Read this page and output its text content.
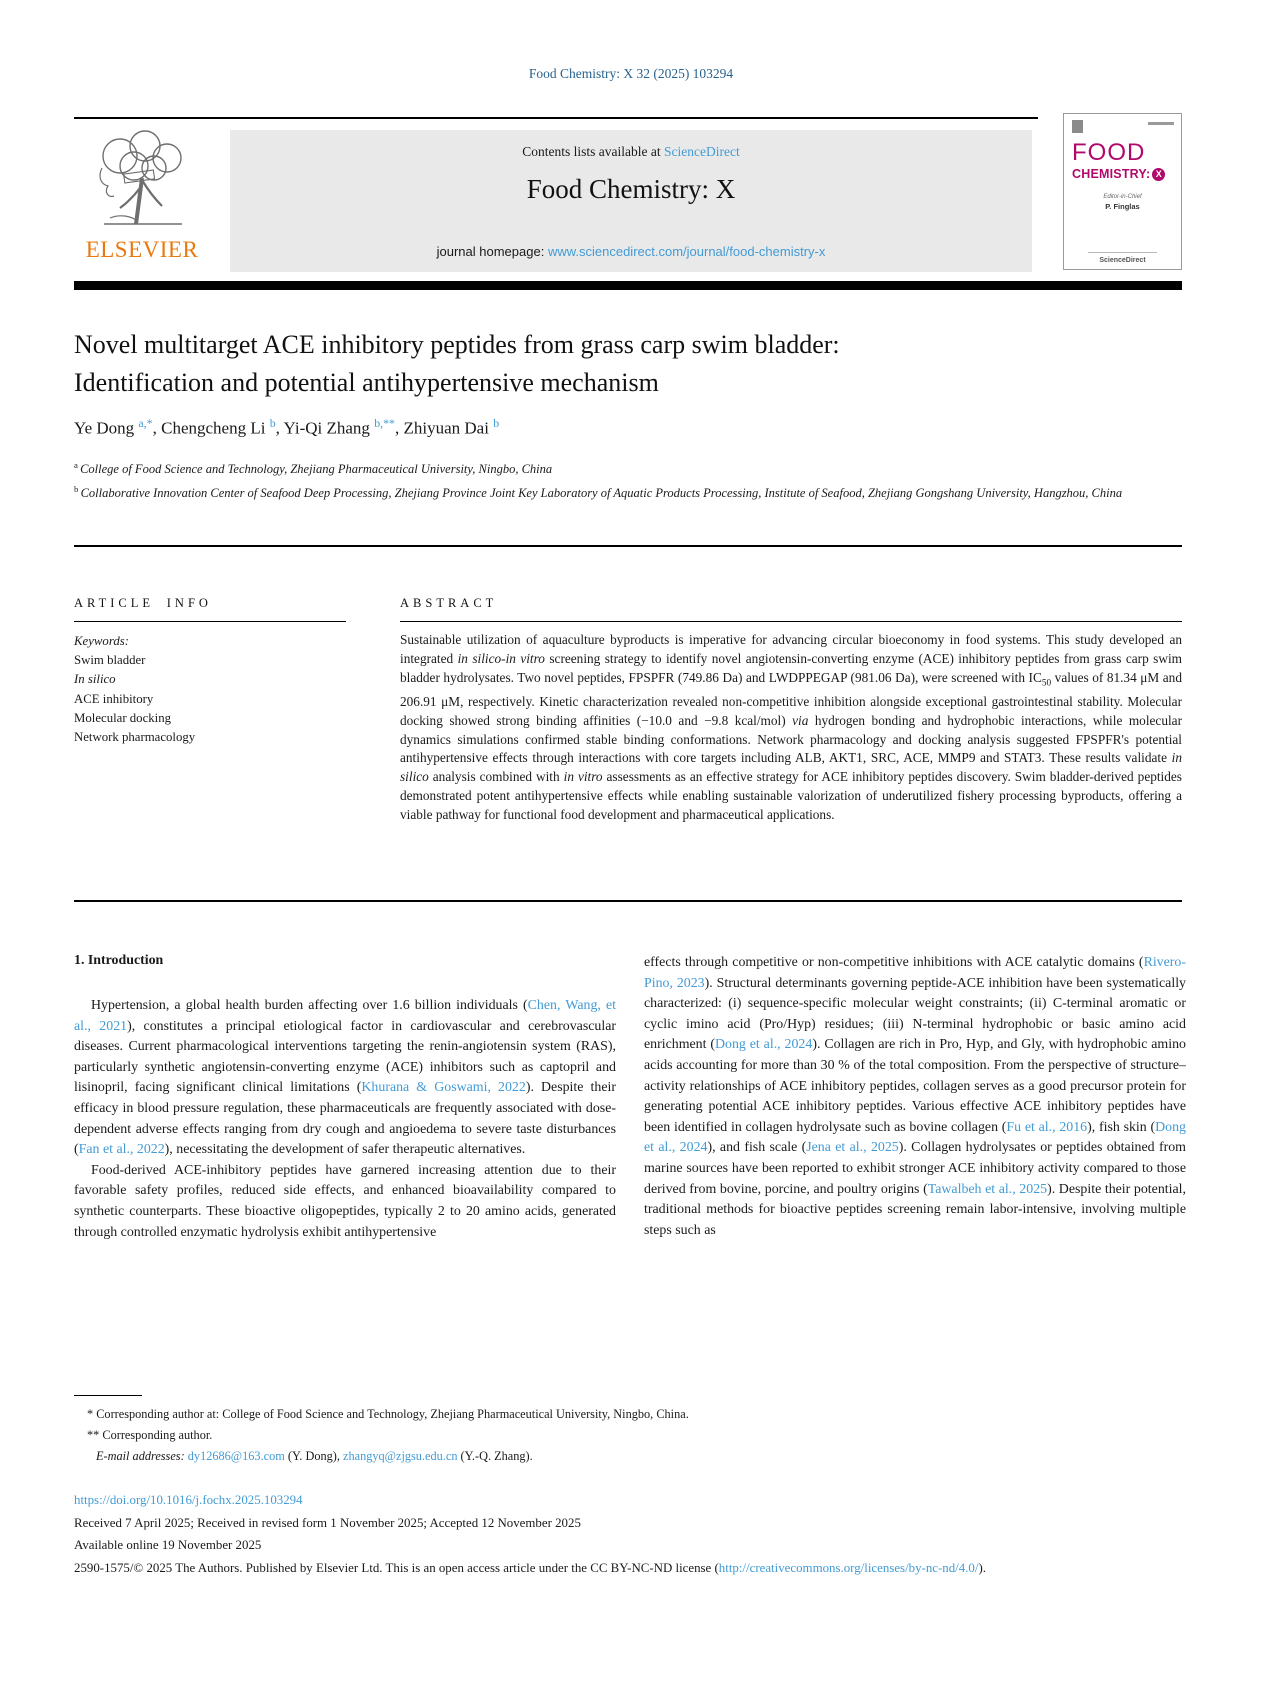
Food Chemistry: X 32 (2025) 103294
ELSEVIER
Contents lists available at ScienceDirect
Food Chemistry: X
journal homepage: www.sciencedirect.com/journal/food-chemistry-x
FOOD
CHEMISTRY: X
Editor-in-Chief
P. Finglas
ScienceDirect
Novel multitarget ACE inhibitory peptides from grass carp swim bladder:
Identification and potential antihypertensive mechanism
Ye Dong $^{a,*}$, Chengcheng Li $^b$, Yi-Qi Zhang $^{b,**}$, Zhiyuan Dai $^b$
$^a$ College of Food Science and Technology, Zhejiang Pharmaceutical University, Ningbo, China
$^b$ Collaborative Innovation Center of Seafood Deep Processing, Zhejiang Province Joint Key Laboratory of Aquatic Products Processing, Institute of Seafood, Zhejiang Gongshang University, Hangzhou, China
ARTICLE INFO	ABSTRACT
Keywords:
Swim bladder
In silico
ACE inhibitory
Molecular docking
Network pharmacology
Sustainable utilization of aquaculture byproducts is imperative for advancing circular bioeconomy in food systems. This study developed an integrated in silico-in vitro screening strategy to identify novel angiotensin-converting enzyme (ACE) inhibitory peptides from grass carp swim bladder hydrolysates. Two novel peptides, FPSPFR (749.86 Da) and LWDPPEGAP (981.06 Da), were screened with $IC_{50}$ values of 81.34 μM and 206.91 μM, respectively. Kinetic characterization revealed non-competitive inhibition alongside exceptional gastrointestinal stability. Molecular docking showed strong binding affinities (−10.0 and −9.8 kcal/mol) via hydrogen bonding and hydrophobic interactions, while molecular dynamics simulations confirmed stable binding conformations. Network pharmacology and docking analysis suggested FPSPFR's potential antihypertensive effects through interactions with core targets including ALB, AKT1, SRC, ACE, MMP9 and STAT3. These results validate in silico analysis combined with in vitro assessments as an effective strategy for ACE inhibitory peptides discovery. Swim bladder-derived peptides demonstrated potent antihypertensive effects while enabling sustainable valorization of underutilized fishery processing byproducts, offering a viable pathway for functional food development and pharmaceutical applications.
1. Introduction

Hypertension, a global health burden affecting over 1.6 billion individuals (Chen, Wang, et al., 2021), constitutes a principal etiological factor in cardiovascular and cerebrovascular diseases. Current pharmacological interventions targeting the renin-angiotensin system (RAS), particularly synthetic angiotensin-converting enzyme (ACE) inhibitors such as captopril and lisinopril, facing significant clinical limitations (Khurana & Goswami, 2022). Despite their efficacy in blood pressure regulation, these pharmaceuticals are frequently associated with dose-dependent adverse effects ranging from dry cough and angioedema to severe taste disturbances (Fan et al., 2022), necessitating the development of safer therapeutic alternatives.

Food-derived ACE-inhibitory peptides have garnered increasing attention due to their favorable safety profiles, reduced side effects, and enhanced bioavailability compared to synthetic counterparts. These bioactive oligopeptides, typically 2 to 20 amino acids, generated through controlled enzymatic hydrolysis exhibit antihypertensive

effects through competitive or non-competitive inhibitions with ACE catalytic domains (Rivero-Pino, 2023). Structural determinants governing peptide-ACE inhibition have been systematically characterized: (i) sequence-specific molecular weight constraints; (ii) C-terminal aromatic or cyclic imino acid (Pro/Hyp) residues; (iii) N-terminal hydrophobic or basic amino acid enrichment (Dong et al., 2024). Collagen are rich in Pro, Hyp, and Gly, with hydrophobic amino acids accounting for more than 30 % of the total composition. From the perspective of structure–activity relationships of ACE inhibitory peptides, collagen serves as a good precursor protein for generating potential ACE inhibitory peptides. Various effective ACE inhibitory peptides have been identified in collagen hydrolysate such as bovine collagen (Fu et al., 2016), fish skin (Dong et al., 2024), and fish scale (Jena et al., 2025). Collagen hydrolysates or peptides obtained from marine sources have been reported to exhibit stronger ACE inhibitory activity compared to those derived from bovine, porcine, and poultry origins (Tawalbeh et al., 2025). Despite their potential, traditional methods for bioactive peptides screening remain labor-intensive, involving multiple steps such as

* Corresponding author at: College of Food Science and Technology, Zhejiang Pharmaceutical University, Ningbo, China.
** Corresponding author.
E-mail addresses: dy12686@163.com (Y. Dong), zhangyq@zjgsu.edu.cn (Y.-Q. Zhang).
https://doi.org/10.1016/j.fochx.2025.103294
Received 7 April 2025; Received in revised form 1 November 2025; Accepted 12 November 2025
Available online 19 November 2025
2590-1575/© 2025 The Authors. Published by Elsevier Ltd. This is an open access article under the CC BY-NC-ND license (http://creativecommons.org/licenses/by-nc-nd/4.0/).
